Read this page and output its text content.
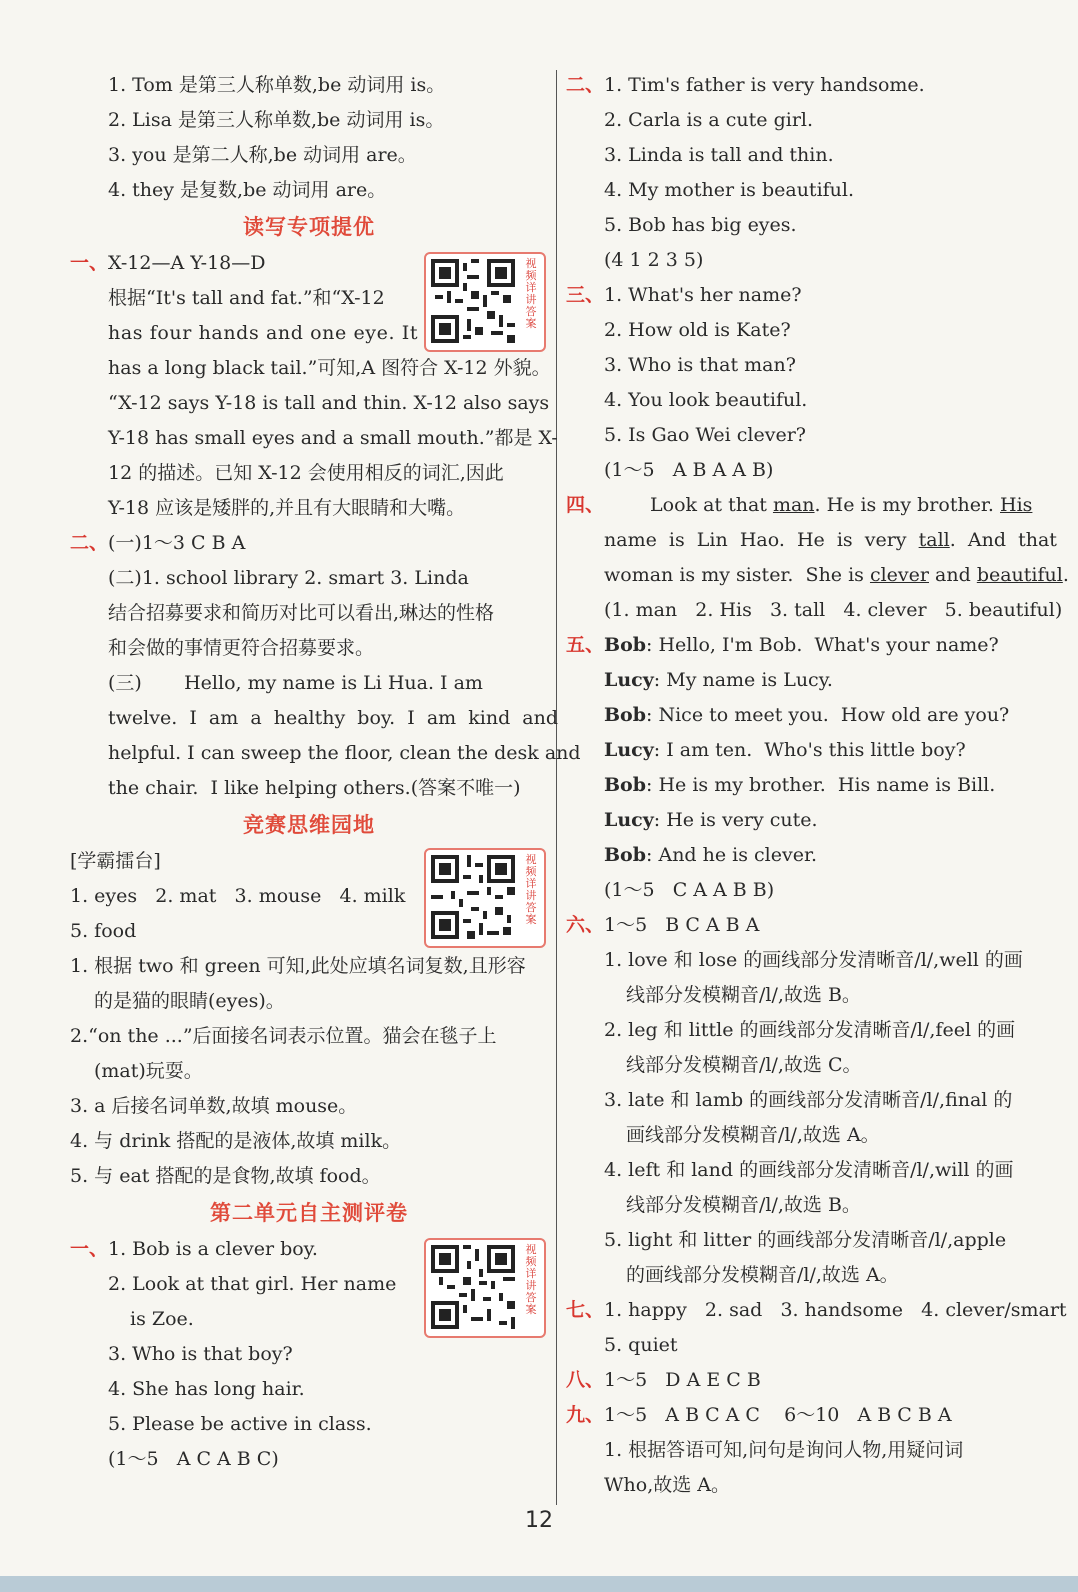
1. Tom 是第三人称单数,be 动词用 is。
2. Lisa 是第三人称单数,be 动词用 is。
3. you 是第二人称,be 动词用 are。
4. they 是复数,be 动词用 are。
读写专项提优
一、X-12—A Y-18—D
根据“It's tall and fat.”和“X-12
has four hands and one eye. It
has a long black tail.”可知,A 图符合 X-12 外貌。
“X-12 says Y-18 is tall and thin. X-12 also says
Y-18 has small eyes and a small mouth.”都是 X-
12 的描述。已知 X-12 会使用相反的词汇,因此
Y-18 应该是矮胖的,并且有大眼睛和大嘴。
二、(一)1～3 C B A
(二)1. school library 2. smart 3. Linda
结合招募要求和简历对比可以看出,琳达的性格
和会做的事情更符合招募要求。
(三)       Hello, my name is Li Hua. I am
twelve.  I  am  a  healthy  boy.  I  am  kind  and
helpful. I can sweep the floor, clean the desk and
the chair.  I like helping others.(答案不唯一)
竞赛思维园地
[学霸擂台]
1. eyes   2. mat   3. mouse   4. milk
5. food
1. 根据 two 和 green 可知,此处应填名词复数,且形容
的是猫的眼睛(eyes)。
2.“on the ...”后面接名词表示位置。猫会在毯子上
(mat)玩耍。
3. a 后接名词单数,故填 mouse。
4. 与 drink 搭配的是液体,故填 milk。
5. 与 eat 搭配的是食物,故填 food。
第二单元自主测评卷
一、1. Bob is a clever boy.
2. Look at that girl. Her name
is Zoe.
3. Who is that boy?
4. She has long hair.
5. Please be active in class.
(1～5   A C A B C)
视频详讲答案
视频详讲答案
视频详讲答案
二、1. Tim's father is very handsome.
2. Carla is a cute girl.
3. Linda is tall and thin.
4. My mother is beautiful.
5. Bob has big eyes.
(4 1 2 3 5)
三、1. What's her name?
2. How old is Kate?
3. Who is that man?
4. You look beautiful.
5. Is Gao Wei clever?
(1～5   A B A A B)
四、 Look at that man. He is my brother. His
name  is  Lin  Hao.  He  is  very  tall.  And  that
woman is my sister.  She is clever and beautiful.
(1. man   2. His   3. tall   4. clever   5. beautiful)
五、Bob: Hello, I'm Bob.  What's your name?
Lucy: My name is Lucy.
Bob: Nice to meet you.  How old are you?
Lucy: I am ten.  Who's this little boy?
Bob: He is my brother.  His name is Bill.
Lucy: He is very cute.
Bob: And he is clever.
(1～5   C A A B B)
六、1～5   B C A B A
1. love 和 lose 的画线部分发清晰音/l/,well 的画
线部分发模糊音/l/,故选 B。
2. leg 和 little 的画线部分发清晰音/l/,feel 的画
线部分发模糊音/l/,故选 C。
3. late 和 lamb 的画线部分发清晰音/l/,final 的
画线部分发模糊音/l/,故选 A。
4. left 和 land 的画线部分发清晰音/l/,will 的画
线部分发模糊音/l/,故选 B。
5. light 和 litter 的画线部分发清晰音/l/,apple
的画线部分发模糊音/l/,故选 A。
七、1. happy   2. sad   3. handsome   4. clever/smart
5. quiet
八、1～5   D A E C B
九、1～5   A B C A C    6～10   A B C B A
1. 根据答语可知,问句是询问人物,用疑问词
Who,故选 A。
12
